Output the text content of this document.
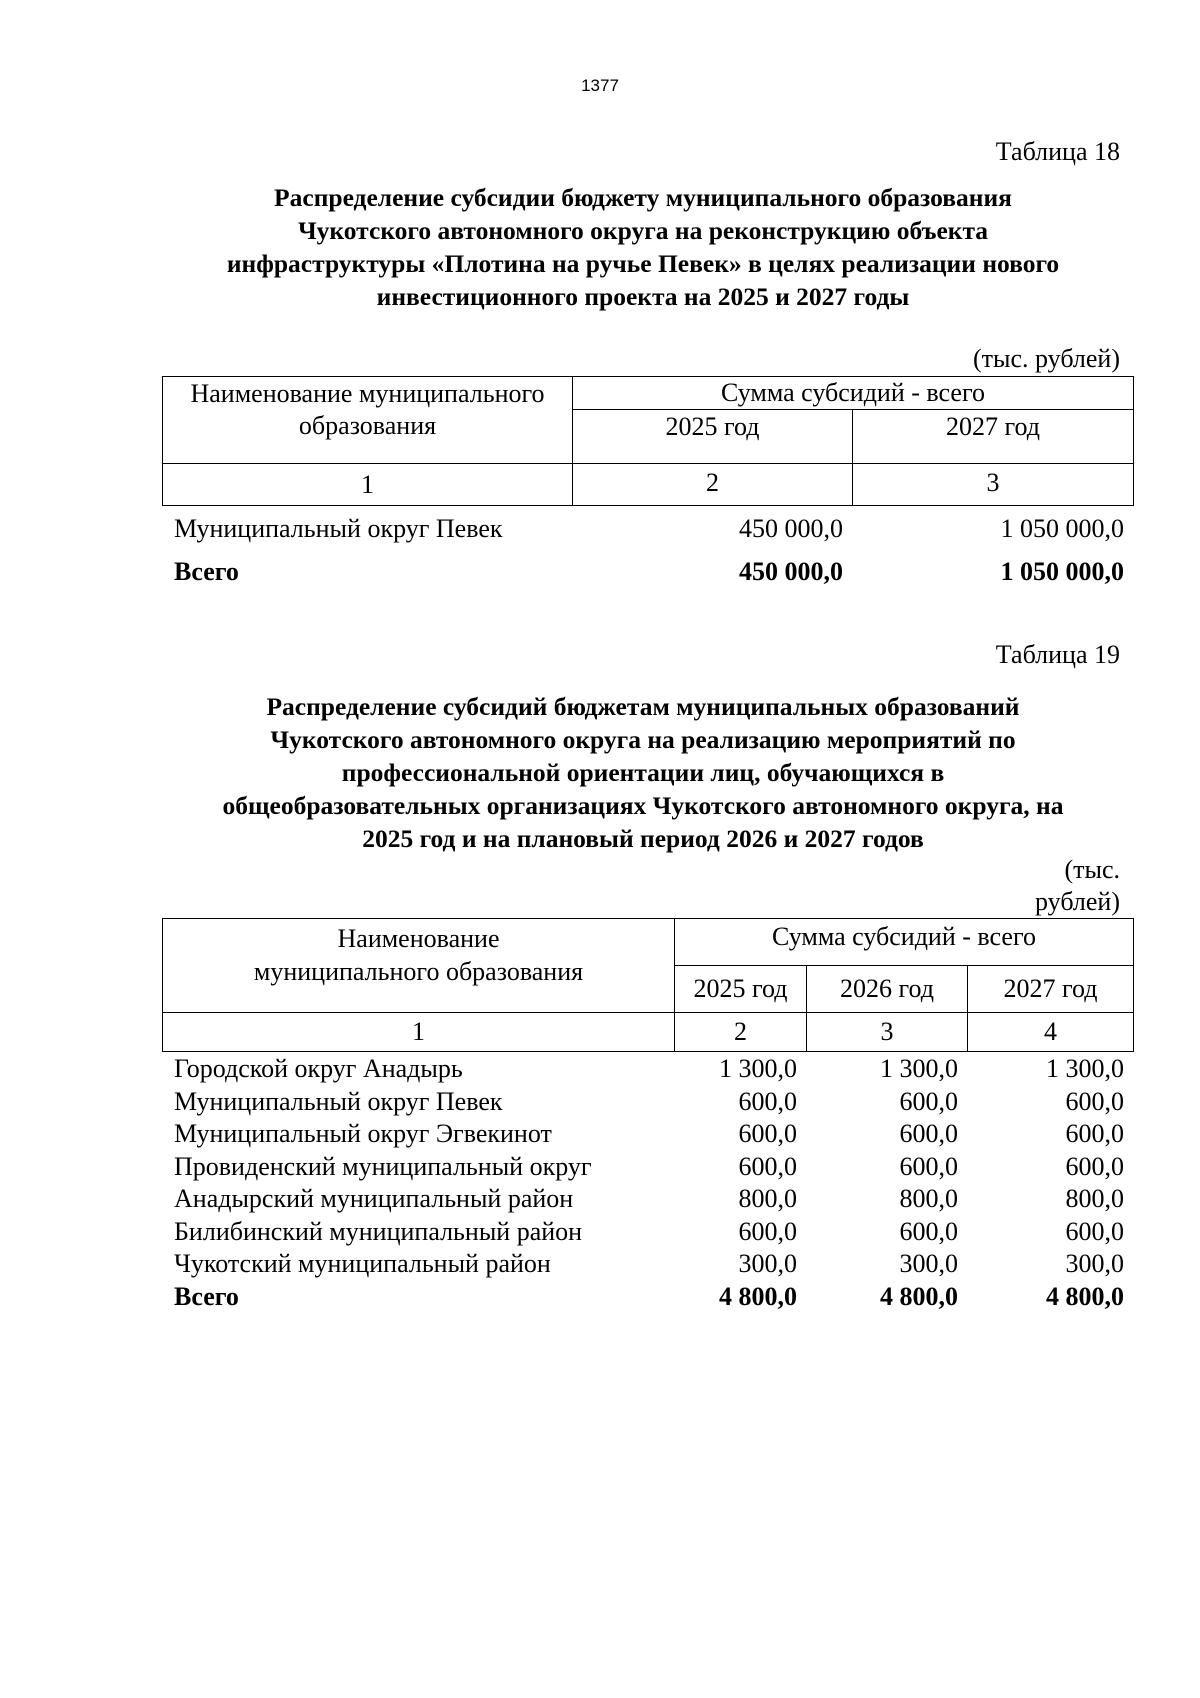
1377
Таблица 18
Распределение субсидии бюджету муниципального образования
Чукотского автономного округа на реконструкцию объекта
инфраструктуры «Плотина на ручье Певек» в целях реализации нового
инвестиционного проекта на 2025 и 2027 годы
(тыс. рублей)
Наименование муниципального образования	Сумма субсидий - всего	
	2025 год	2027 год
1	2	3
Муниципальный округ Певек	450 000,0	1 050 000,0
Всего	450 000,0	1 050 000,0
Таблица 19
Распределение субсидий бюджетам муниципальных образований
Чукотского автономного округа на реализацию мероприятий по
профессиональной ориентации лиц, обучающихся в
общеобразовательных организациях Чукотского автономного округа, на
2025 год и на плановый период 2026 и 2027 годов
(тыс.
рублей)
Наименование
муниципального образования	Сумма субсидий - всего		
	2025 год	2026 год	2027 год
1	2	3	4
Городской округ Анадырь	1 300,0	1 300,0	1 300,0
Муниципальный округ Певек	600,0	600,0	600,0
Муниципальный округ Эгвекинот	600,0	600,0	600,0
Провиденский муниципальный округ	600,0	600,0	600,0
Анадырский муниципальный район	800,0	800,0	800,0
Билибинский муниципальный район	600,0	600,0	600,0
Чукотский муниципальный район	300,0	300,0	300,0
Всего	4 800,0	4 800,0	4 800,0
